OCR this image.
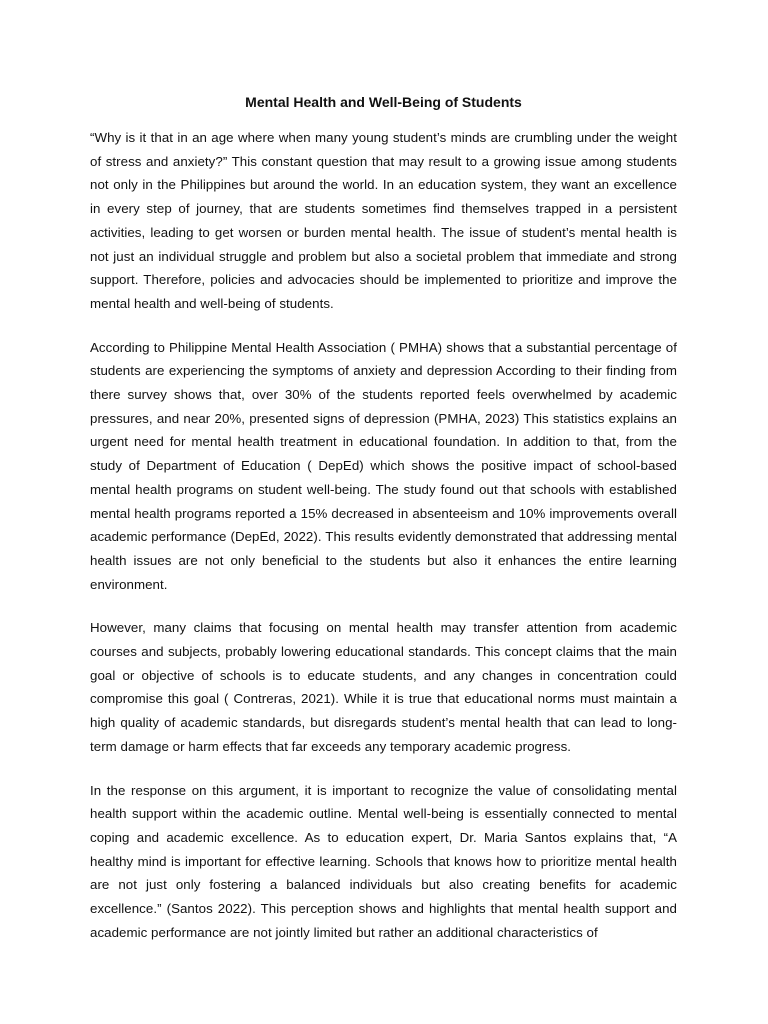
Mental Health and Well-Being of Students

“Why is it that in an age where when many young student’s minds are crumbling under the weight of stress and anxiety?” This constant question that may result to a growing issue among students not only in the Philippines but around the world. In an education system, they want an excellence in every step of journey, that are students sometimes find themselves trapped in a persistent activities, leading to get worsen or burden mental health. The issue of student’s mental health is not just an individual struggle and problem but also a societal problem that immediate and strong support. Therefore, policies and advocacies should be implemented to prioritize and improve the mental health and well-being of students.

According to Philippine Mental Health Association ( PMHA) shows that a substantial percentage of students are experiencing the symptoms of anxiety and depression According to their finding from there survey shows that, over 30% of the students reported feels overwhelmed by academic pressures, and near 20%, presented signs of depression (PMHA, 2023) This statistics explains an urgent need for mental health treatment in educational foundation. In addition to that, from the study of Department of Education ( DepEd) which shows the positive impact of school-based mental health programs on student well-being. The study found out that schools with established mental health programs reported a 15% decreased in absenteeism and 10% improvements overall academic performance (DepEd, 2022). This results evidently demonstrated that addressing mental health issues are not only beneficial to the students but also it enhances the entire learning environment.

However, many claims that focusing on mental health may transfer attention from academic courses and subjects, probably lowering educational standards. This concept claims that the main goal or objective of schools is to educate students, and any changes in concentration could compromise this goal ( Contreras, 2021). While it is true that educational norms must maintain a high quality of academic standards, but disregards student’s mental health that can lead to long-term damage or harm effects that far exceeds any temporary academic progress.

In the response on this argument, it is important to recognize the value of consolidating mental health support within the academic outline. Mental well-being is essentially connected to mental coping and academic excellence. As to education expert, Dr. Maria Santos explains that, “A healthy mind is important for effective learning. Schools that knows how to prioritize mental health are not just only fostering a balanced individuals but also creating benefits for academic excellence.” (Santos 2022). This perception shows and highlights that mental health support and academic performance are not jointly limited but rather an additional characteristics of
